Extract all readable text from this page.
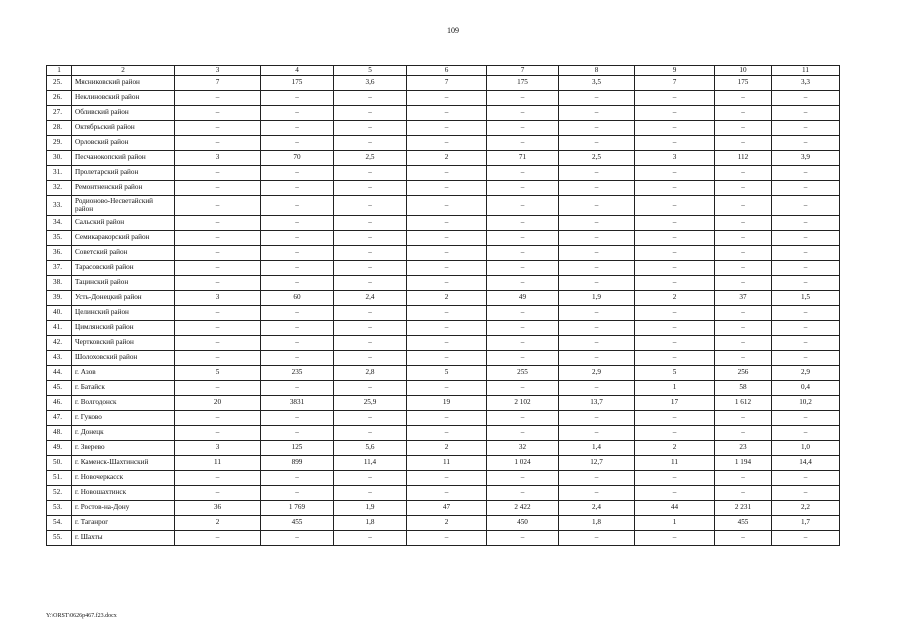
109
1	2	3	4	5	6	7	8	9	10	11
25.	Мясниковский район	7	175	3,6	7	175	3,5	7	175	3,3
26.	Неклиновский район	–	–	–	–	–	–	–	–	–
27.	Обливский район	–	–	–	–	–	–	–	–	–
28.	Октябрьский район	–	–	–	–	–	–	–	–	–
29.	Орловский район	–	–	–	–	–	–	–	–	–
30.	Песчанокопский район	3	70	2,5	2	71	2,5	3	112	3,9
31.	Пролетарский район	–	–	–	–	–	–	–	–	–
32.	Ремонтненский район	–	–	–	–	–	–	–	–	–
33.	Родионово-Несветайский район	–	–	–	–	–	–	–	–	–
34.	Сальский район	–	–	–	–	–	–	–	–	–
35.	Семикаракорский район	–	–	–	–	–	–	–	–	–
36.	Советский район	–	–	–	–	–	–	–	–	–
37.	Тарасовский район	–	–	–	–	–	–	–	–	–
38.	Тацинский район	–	–	–	–	–	–	–	–	–
39.	Усть-Донецкий район	3	60	2,4	2	49	1,9	2	37	1,5
40.	Целинский район	–	–	–	–	–	–	–	–	–
41.	Цимлянский район	–	–	–	–	–	–	–	–	–
42.	Чертковский район	–	–	–	–	–	–	–	–	–
43.	Шолоховский район	–	–	–	–	–	–	–	–	–
44.	г. Азов	5	235	2,8	5	255	2,9	5	256	2,9
45.	г. Батайск	–	–	–	–	–	–	1	58	0,4
46.	г. Волгодонск	20	3831	25,9	19	2 102	13,7	17	1 612	10,2
47.	г. Гуково	–	–	–	–	–	–	–	–	–
48.	г. Донецк	–	–	–	–	–	–	–	–	–
49.	г. Зверево	3	125	5,6	2	32	1,4	2	23	1,0
50.	г. Каменск-Шахтинский	11	899	11,4	11	1 024	12,7	11	1 194	14,4
51.	г. Новочеркасск	–	–	–	–	–	–	–	–	–
52.	г. Новошахтинск	–	–	–	–	–	–	–	–	–
53.	г. Ростов-на-Дону	36	1 769	1,9	47	2 422	2,4	44	2 231	2,2
54.	г. Таганрог	2	455	1,8	2	450	1,8	1	455	1,7
55.	г. Шахты	–	–	–	–	–	–	–	–	–
Y:\ORST\0626p467.f23.docx
